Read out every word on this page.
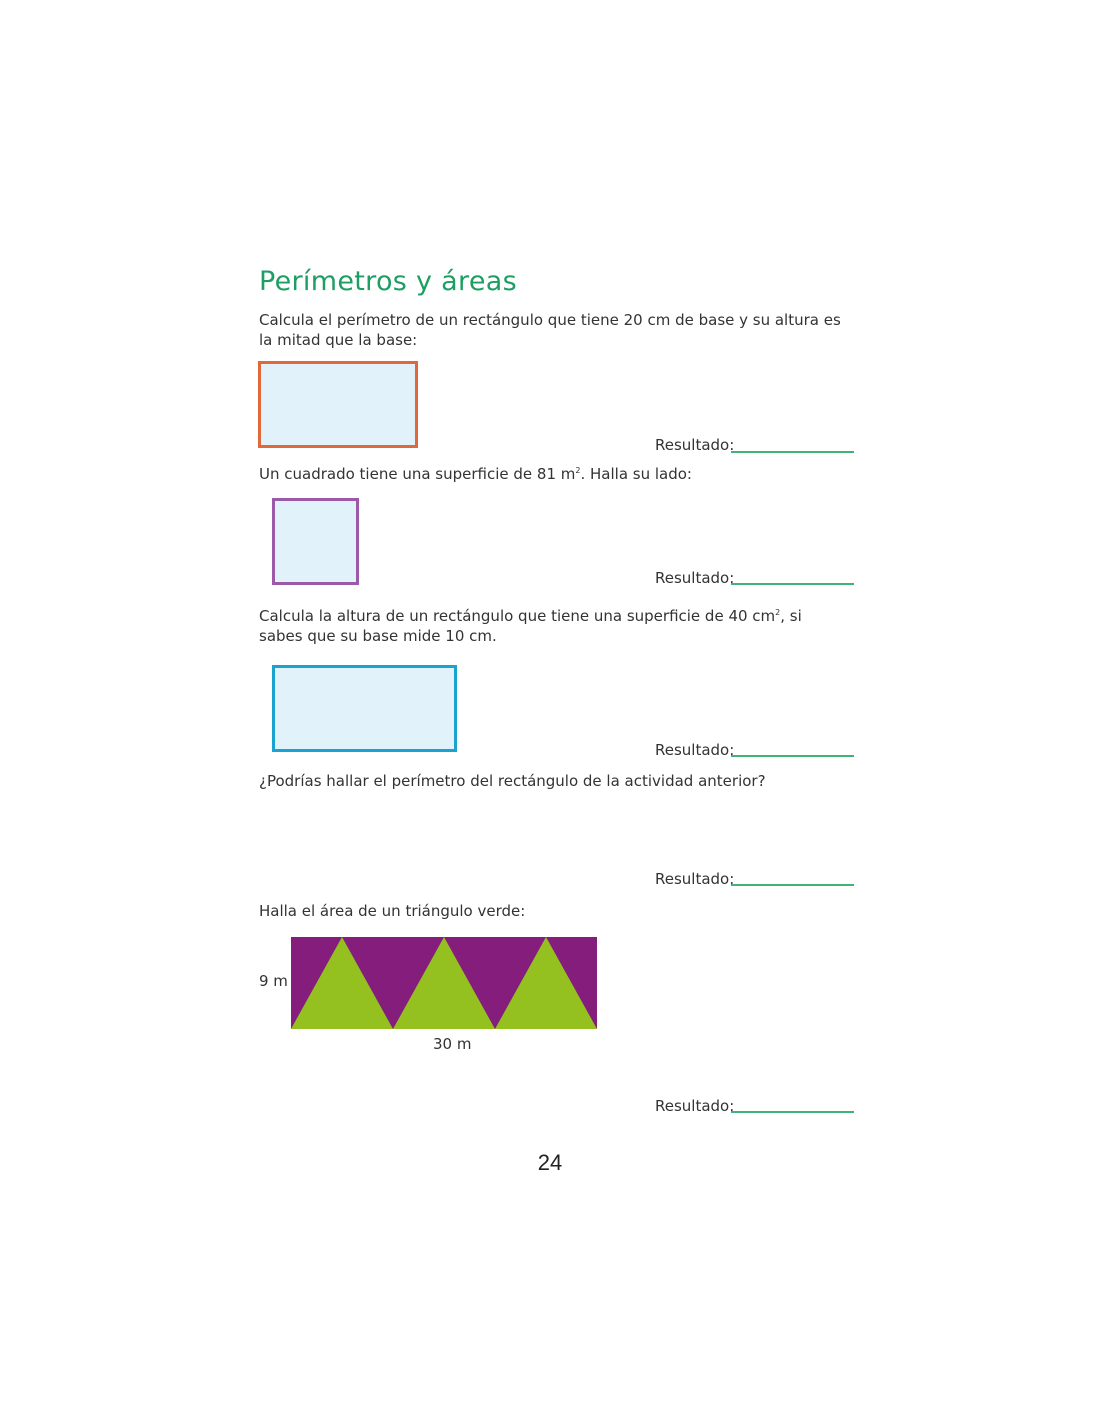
Perímetros y áreas
Calcula el perímetro de un rectángulo que tiene 20 cm de base y su altura es la mitad que la base:
Resultado:
Un cuadrado tiene una superficie de 81 $m^2$. Halla su lado:
Resultado:
Calcula la altura de un rectángulo que tiene una superficie de 40 $cm^2$, si sabes que su base mide 10 cm.
Resultado:
¿Podrías hallar el perímetro del rectángulo de la actividad anterior?
Resultado:
Halla el área de un triángulo verde:
9 m
30 m
Resultado:
24
